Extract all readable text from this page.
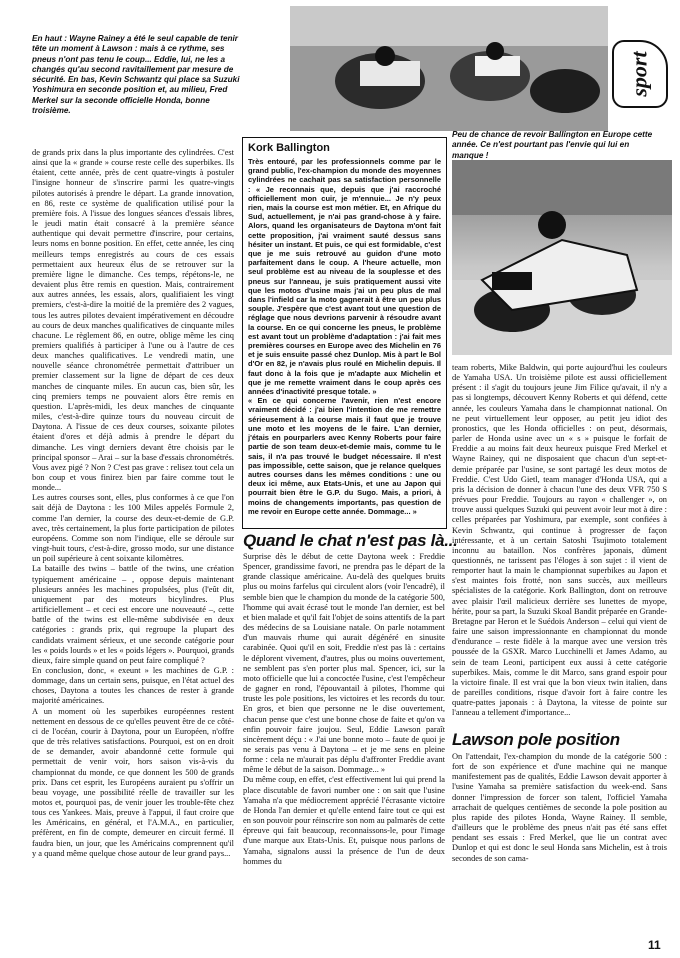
sport
En haut : Wayne Rainey a été le seul capable de tenir
tête un moment à Lawson : mais à ce rythme, ses
pneus n'ont pas tenu le coup... Eddie, lui, ne les a
changés qu'au second ravitaillement par mesure de
sécurité. En bas, Kevin Schwantz qui place sa Suzuki
Yoshimura en seconde position et, au milieu, Fred
Merkel sur la seconde officielle Honda, bonne
troisième.

de grands prix dans la plus importante des cylindrées. C'est ainsi que la « grande » course reste celle des superbikes. Ils étaient, cette année, près de cent quatre-vingts à postuler l'insigne honneur de s'inscrire parmi les quatre-vingts pilotes autorisés à prendre le départ. La grande innovation, en 86, reste ce système de qualification utilisé pour la première fois. A l'issue des longues séances d'essais libres, le jeudi matin était consacré à la première séance authentique qui devait permettre d'inscrire, pour certains, leurs noms en bonne position. En effet, cette année, les cinq meilleurs temps enregistrés au cours de ces essais permettaient aux heureux élus de se retrouver sur la première ligne le dimanche. Ces temps, répétons-le, ne devaient plus être remis en question. Mais, contrairement aux autres années, les essais, alors, qualifiaient les vingt premiers, c'est-à-dire la moitié de la première des 2 vagues, tous les autres pilotes devaient impérativement en découdre au cours de deux manches qualificatives de cinquante miles chacune. Le règlement 86, en outre, oblige même les cinq premiers qualifiés à participer à l'une ou à l'autre de ces deux manches qualificatives. Le vendredi matin, une nouvelle séance chronométrée permettait d'attribuer un premier classement sur la ligne de départ de ces deux manches de cinquante miles. En aucun cas, bien sûr, les cinq premiers temps ne pouvaient alors être remis en question. L'après-midi, les deux manches de cinquante miles, c'est-à-dire quinze tours du nouveau circuit de Daytona. A l'issue de ces deux courses, soixante pilotes étaient d'ores et déjà admis à prendre le départ du dimanche. Les vingt derniers devant être choisis par le principal sponsor – Arai – sur la base d'essais chronométrés. Vous avez pigé ? Non ? C'est pas grave : relisez tout cela un bon coup et vous finirez bien par faire comme tout le monde...

Les autres courses sont, elles, plus conformes à ce que l'on sait déjà de Daytona : les 100 Miles appelés Formule 2, comme l'an dernier, la course des deux-et-demie de G.P. avec, très certainement, la plus forte participation de pilotes européens. Comme son nom l'indique, elle se déroule sur vingt-huit tours, c'est-à-dire, grosso modo, sur une distance un poil supérieure à cent soixante kilomètres.

La bataille des twins – battle of the twins, une création typiquement américaine – , oppose depuis maintenant plusieurs années les machines propulsées, plus (l'eût dit, uniquement par des moteurs bicylindres. Plus artificiellement – et ceci est encore une nouveauté –, cette battle of the twins est elle-même subdivisée en deux catégories : grands prix, qui regroupe la plupart des candidats vraiment sérieux, et une seconde catégorie pour les « poids lourds » et les « poids légers ». Pourquoi, grands dieux, faire simple quand on peut faire compliqué ?

En conclusion, donc, « exeunt » les machines de G.P. : dommage, dans un certain sens, puisque, en l'état actuel des choses, Daytona a toutes les chances de rester à grande majorité américaines.

A un moment où les superbikes européennes restent nettement en dessous de ce qu'elles peuvent être de ce côté-ci de l'océan, courir à Daytona, pour un Européen, n'offre que de très relatives satisfactions. Pourquoi, est on en droit de se demander, avoir abandonné cette formule qui permettait de venir voir, hors saison vis-à-vis du championnat du monde, ce que donnent les 500 de grands prix. Dans cet esprit, les Européens auraient pu s'offrir un beau voyage, une possibilité réelle de travailler sur les motos et, pourquoi pas, de venir jouer les trouble-fête chez tous ces Yankees. Mais, preuve à l'appui, il faut croire que les Américains, en général, et l'A.M.A., en particulier, préfèrent, en fin de compte, demeurer en circuit fermé. Il faudra bien, un jour, que les Américains comprennent qu'il y a quand même quelque chose autour de leur grand pays...

Kork Ballington

Très entouré, par les professionnels comme par le grand public, l'ex-champion du monde des moyennes cylindrées ne cachait pas sa satisfaction personnelle : « Je reconnais que, depuis que j'ai raccroché officiellement mon cuir, je m'ennuie... Je n'y peux rien, mais la course est mon métier. Et, en Afrique du Sud, actuellement, je n'ai pas grand-chose à y faire. Alors, quand les organisateurs de Daytona m'ont fait cette proposition, j'ai vraiment sauté dessus sans hésiter un instant. Et puis, ce qui est formidable, c'est que je me suis retrouvé au guidon d'une moto parfaitement dans le coup. A l'heure actuelle, mon seul problème est au niveau de la souplesse et des pneus sur l'anneau, je suis pratiquement aussi vite que les motos d'usine mais j'ai un peu plus de mal dans l'infield car la moto gagnerait à être un peu plus souple. J'espère que c'est avant tout une question de réglage que nous devrions parvenir à résoudre avant la course. En ce qui concerne les pneus, le problème est avant tout un problème d'adaptation : j'ai fait mes premières courses en Europe avec des Michelin en 76 et je suis ensuite passé chez Dunlop. Mis à part le Bol d'Or en 82, je n'avais plus roulé en Michelin depuis. Il faut donc à la fois que je m'adapte aux Michelin et que je me remette vraiment dans le coup après ces années d'inactivité presque totale. »

« En ce qui concerne l'avenir, rien n'est encore vraiment décidé : j'ai bien l'intention de me remettre sérieusement à la course mais il faut que je trouve une moto et les moyens de le faire. L'an dernier, j'étais en pourparlers avec Kenny Roberts pour faire partie de son team deux-et-demie mais, comme tu le sais, il n'a pas trouvé le budget nécessaire. Il n'est pas impossible, cette saison, que je relance quelques autres courses dans les mêmes conditions : une ou deux ici même, aux Etats-Unis, et une au Japon qui pourrait bien être le G.P. du Sugo. Mais, a priori, à moins de changements importants, pas question de me revoir en Europe cette année. Dommage... »

Quand le chat n'est pas là...

Surprise dès le début de cette Daytona week : Freddie Spencer, grandissime favori, ne prendra pas le départ de la grande classique américaine. Au-delà des quelques bruits plus ou moins farfelus qui circulent alors (voir l'encadré), il semble bien que le champion du monde de la catégorie 500, l'homme qui avait écrasé tout le monde l'an dernier, est bel et bien malade et qu'il fait l'objet de soins attentifs de la part des médecins de sa Louisiane natale. On parle notamment d'un mauvais rhume qui aurait dégénéré en sinusite carabinée. Quoi qu'il en soit, Freddie n'est pas là : certains le déplorent vivement, d'autres, plus ou moins ouvertement, ne semblent pas s'en porter plus mal. Spencer, ici, sur la moto officielle que lui a concoctée l'usine, c'est l'empêcheur de gagner en rond, l'épouvantail à pilotes, l'homme qui truste les pole positions, les victoires et les records du tour. En gros, et bien que personne ne le dise ouvertement, chacun pense que c'est une bonne chose de faite et qu'on va enfin pouvoir faire joujou. Seul, Eddie Lawson paraît sincèrement déçu : « J'ai une bonne moto – faute de quoi je ne serais pas venu à Daytona – et je me sens en pleine forme : cela ne m'aurait pas déplu d'affronter Freddie avant même le début de la saison. Dommage... »

Du même coup, en effet, c'est effectivement lui qui prend la place discutable de favori number one : on sait que l'usine Yamaha n'a que médiocrement apprécié l'écrasante victoire de Honda l'an dernier et qu'elle entend faire tout ce qui est en son pouvoir pour réinscrire son nom au palmarès de cette épreuve qui fait beaucoup, reconnaissons-le, pour l'image d'une marque aux Etats-Unis. Et, puisque nous parlons de Yamaha, signalons aussi la présence de l'un de deux hommes du

Peu de chance de revoir Ballington en Europe cette
année. Ce n'est pourtant pas l'envie qui lui en
manque !

team roberts, Mike Baldwin, qui porte aujourd'hui les couleurs de Yamaha USA. Un troisième pilote est aussi officiellement présent : il s'agit du toujours jeune Jim Filice qu'avait, il n'y a pas si longtemps, découvert Kenny Roberts et qui défend, cette année, les couleurs Yamaha dans le championnat national. On ne peut virtuellement leur opposer, au petit jeu idiot des pronostics, que les Honda officielles : on peut, désormais, parler de Honda usine avec un « s » puisque le forfait de Freddie a au moins fait deux heureux puisque Fred Merkel et Wayne Rainey, qui ne disposaient que chacun d'un sept-et-demie préparée par l'usine, se sont partagé les deux motos de Freddie. C'est Udo Gietl, team manager d'Honda USA, qui a pris la décision de donner à chacun l'une des deux VFR 750 S prévues pour Freddie. Toujours au rayon « challenger », on trouve aussi quelques Suzuki qui peuvent avoir leur mot à dire : celles préparées par Yoshimura, par exemple, sont confiées à Kevin Schwantz, qui continue à progresser de façon intéressante, et à un certain Satoshi Tsujimoto totalement inconnu au bataillon. Nos confrères japonais, dûment questionnés, ne tarissent pas l'éloges à son sujet : il vient de remporter haut la main le championnat superbikes au Japon et s'est maintes fois frotté, non sans succès, aux meilleurs spécialistes de la catégorie. Kork Ballington, dont on retrouve avec plaisir l'œil malicieux derrière ses lunettes de myope, hérite, pour sa part, la Suzuki Skoal Bandit préparée en Grande-Bretagne par Heron et le Suédois Anderson – celui qui vient de faire une saison impressionnante en championnat du monde d'endurance – reste fidèle à la marque avec une version très poussée de la GSXR. Marco Lucchinelli et James Adamo, au sein de team Leoni, participent eux aussi à cette catégorie superbikes. Mais, comme le dit Marco, sans grand espoir pour la victoire finale. Il est vrai que la bon vieux twin italien, dans de pareilles conditions, risque d'avoir fort à faire contre les quatre-pattes japonais : à Daytona, la vitesse de pointe sur l'anneau a tellement d'importance...

Lawson pole position

On l'attendait, l'ex-champion du monde de la catégorie 500 : fort de son expérience et d'une machine qui ne manque manifestement pas de qualités, Eddie Lawson devait apporter à l'usine Yamaha sa première satisfaction du week-end. Sans donner l'impression de forcer son talent, l'officiel Yamaha arrachait de quelques centièmes de seconde la pole position au plus rapide des pilotes Honda, Wayne Rainey. Il semble, d'ailleurs que le problème des pneus n'ait pas été sans effet pendant ses essais : Fred Merkel, que lie un contrat avec Dunlop et qui est donc le seul Honda sans Michelin, est à trois secondes de son cama-

11
